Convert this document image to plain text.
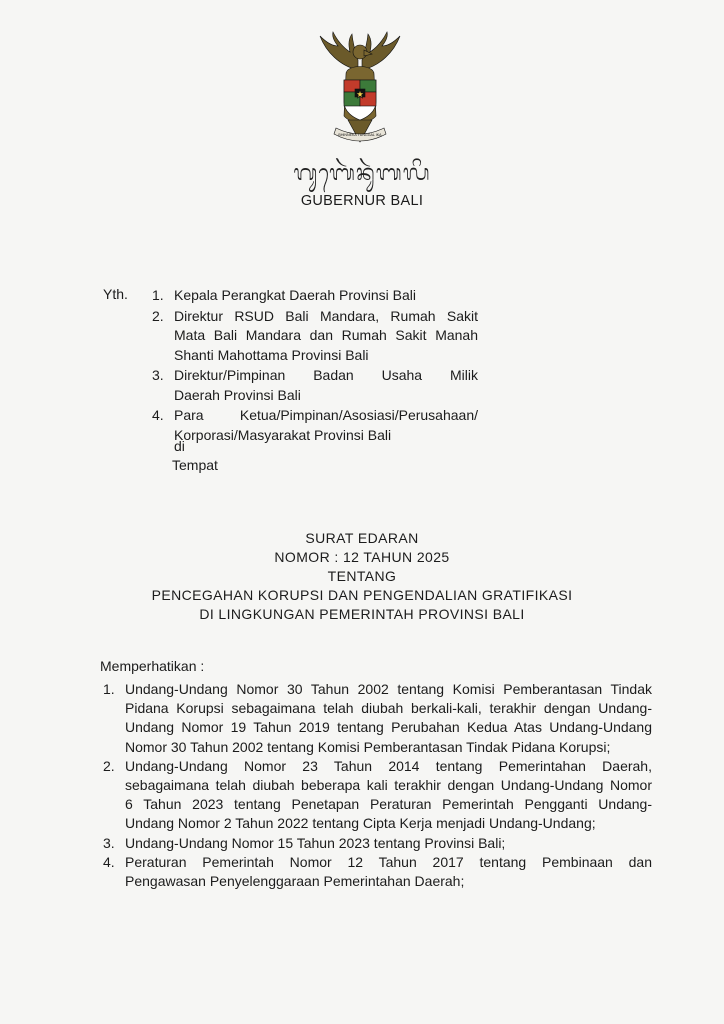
BHINNEKA TUNGGAL IKA
ᬕᬸᬩᬾᬃᬦᬸᬃᬩᬮᬶ
GUBERNUR BALI
Yth. 1. Kepala Perangkat Daerah Provinsi Bali
2. Direktur RSUD Bali Mandara, Rumah Sakit
Mata Bali Mandara dan Rumah Sakit Manah
Shanti Mahottama Provinsi Bali
3. Direktur/Pimpinan Badan Usaha Milik
Daerah Provinsi Bali
4. Para Ketua/Pimpinan/Asosiasi/Perusahaan/
Korporasi/Masyarakat Provinsi Bali
di
Tempat
SURAT EDARAN
NOMOR : 12 TAHUN 2025
TENTANG
PENCEGAHAN KORUPSI DAN PENGENDALIAN GRATIFIKASI
DI LINGKUNGAN PEMERINTAH PROVINSI BALI
Memperhatikan :
1. Undang-Undang Nomor 30 Tahun 2002 tentang Komisi Pemberantasan Tindak
Pidana Korupsi sebagaimana telah diubah berkali-kali, terakhir dengan Undang-
Undang Nomor 19 Tahun 2019 tentang Perubahan Kedua Atas Undang-Undang
Nomor 30 Tahun 2002 tentang Komisi Pemberantasan Tindak Pidana Korupsi;
2. Undang-Undang Nomor 23 Tahun 2014 tentang Pemerintahan Daerah,
sebagaimana telah diubah beberapa kali terakhir dengan Undang-Undang Nomor
6 Tahun 2023 tentang Penetapan Peraturan Pemerintah Pengganti Undang-
Undang Nomor 2 Tahun 2022 tentang Cipta Kerja menjadi Undang-Undang;
3. Undang-Undang Nomor 15 Tahun 2023 tentang Provinsi Bali;
4. Peraturan Pemerintah Nomor 12 Tahun 2017 tentang Pembinaan dan
Pengawasan Penyelenggaraan Pemerintahan Daerah;
